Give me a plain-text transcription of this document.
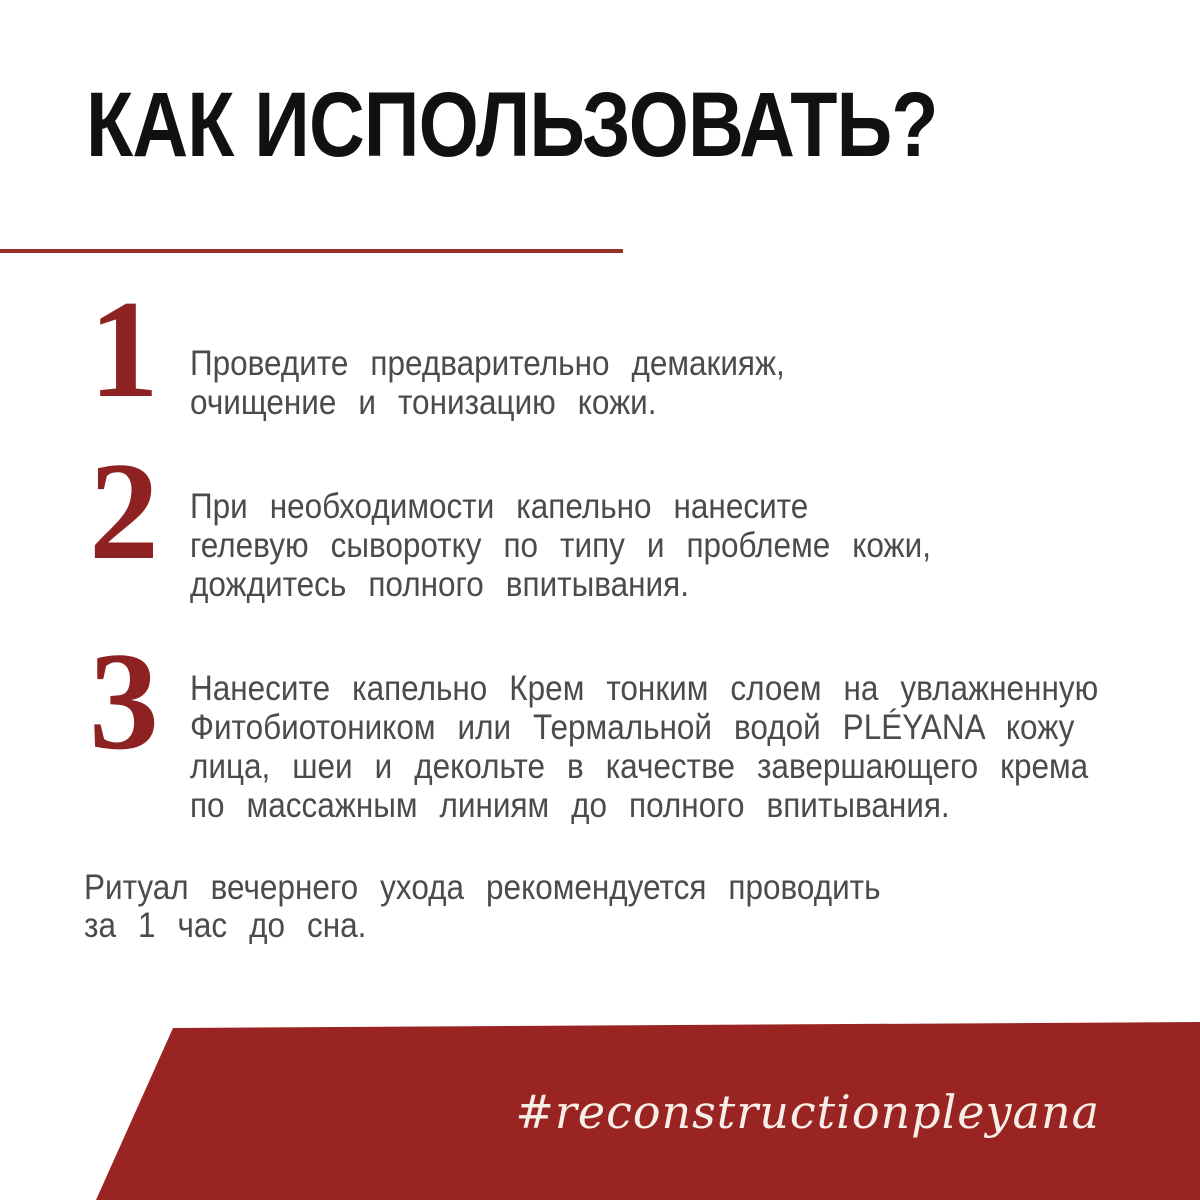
КАК ИСПОЛЬЗОВАТЬ?
1 Проведите предварительно демакияж,
очищение и тонизацию кожи.
2 При необходимости капельно нанесите
гелевую сыворотку по типу и проблеме кожи,
дождитесь полного впитывания.
3 Нанесите капельно Крем тонким слоем на увлажненную
Фитобиотоником или Термальной водой PLÉYANA кожу
лица, шеи и декольте в качестве завершающего крема
по массажным линиям до полного впитывания.

Ритуал вечернего ухода рекомендуется проводить
за 1 час до сна.

#reconstructionpleyana
